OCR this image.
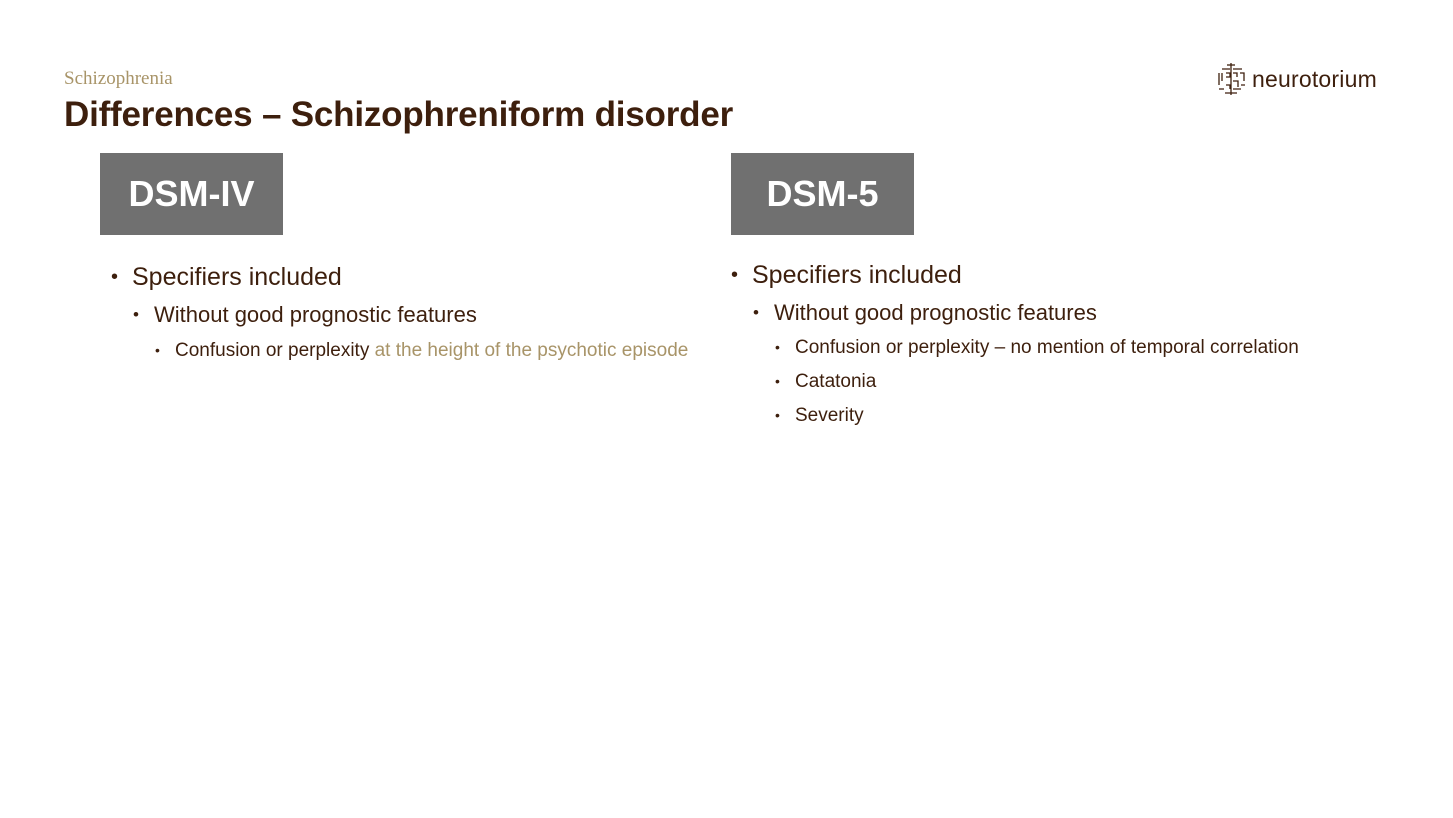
Schizophrenia
Differences – Schizophreniform disorder
neurotorium
DSM-IV	DSM-5
• Specifiers included
• Without good prognostic features
• Confusion or perplexity at the height of the psychotic episode
• Specifiers included
• Without good prognostic features
• Confusion or perplexity – no mention of temporal correlation
• Catatonia
• Severity
